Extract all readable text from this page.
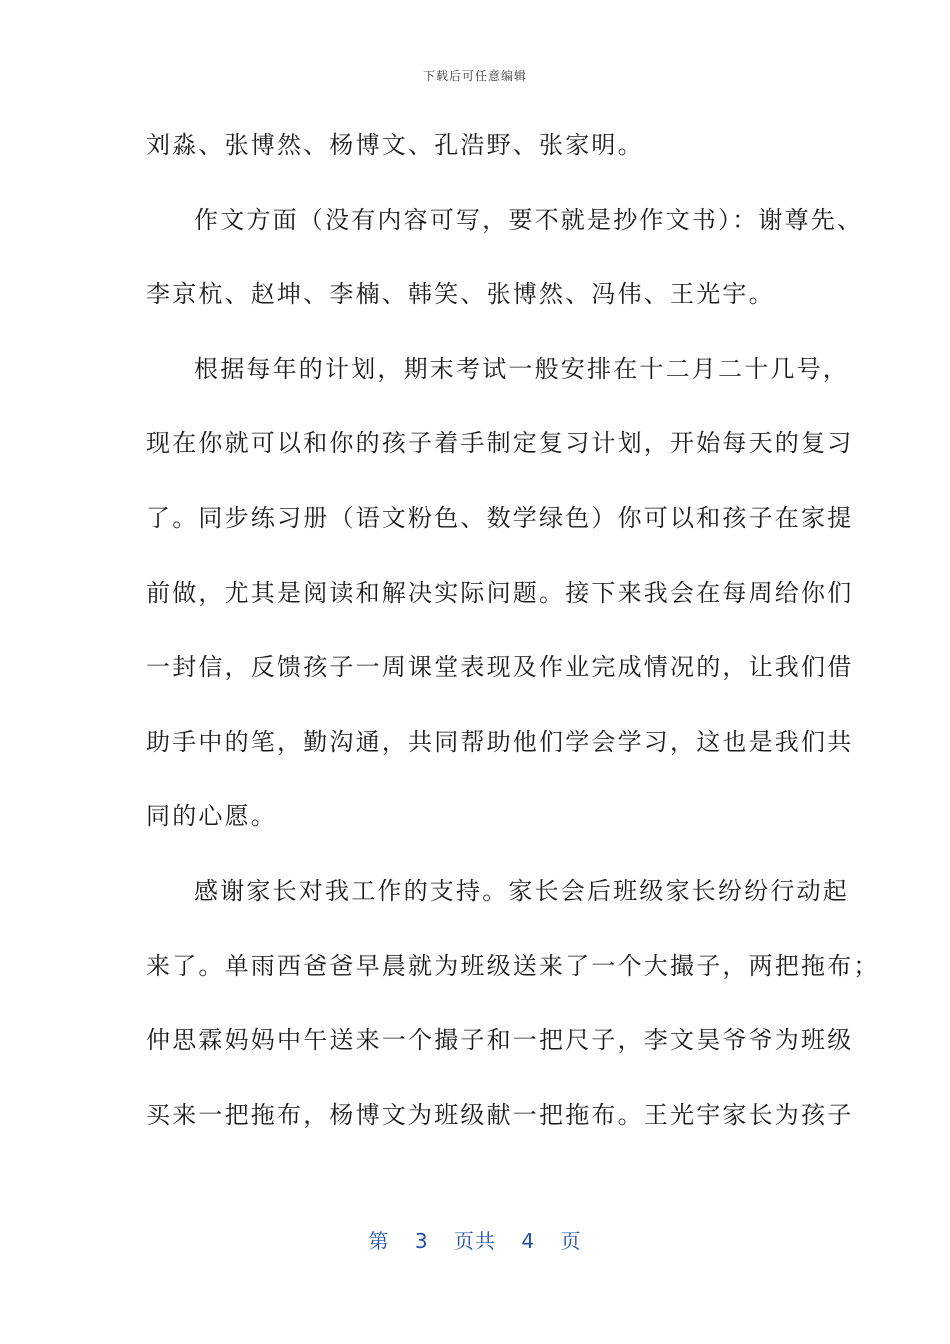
下载后可任意编辑
刘淼、张博然、杨博文、孔浩野、张家明。
作文方面（没有内容可写，要不就是抄作文书）：谢尊先、
李京杭、赵坤、李楠、韩笑、张博然、冯伟、王光宇。
根据每年的计划，期末考试一般安排在十二月二十几号，
现在你就可以和你的孩子着手制定复习计划，开始每天的复习
了。同步练习册（语文粉色、数学绿色）你可以和孩子在家提
前做，尤其是阅读和解决实际问题。接下来我会在每周给你们
一封信，反馈孩子一周课堂表现及作业完成情况的，让我们借
助手中的笔，勤沟通，共同帮助他们学会学习，这也是我们共
同的心愿。
感谢家长对我工作的支持。家长会后班级家长纷纷行动起
来了。单雨西爸爸早晨就为班级送来了一个大撮子，两把拖布；
仲思霖妈妈中午送来一个撮子和一把尺子，李文昊爷爷为班级
买来一把拖布，杨博文为班级献一把拖布。王光宇家长为孩子
第 3 页共 4 页
